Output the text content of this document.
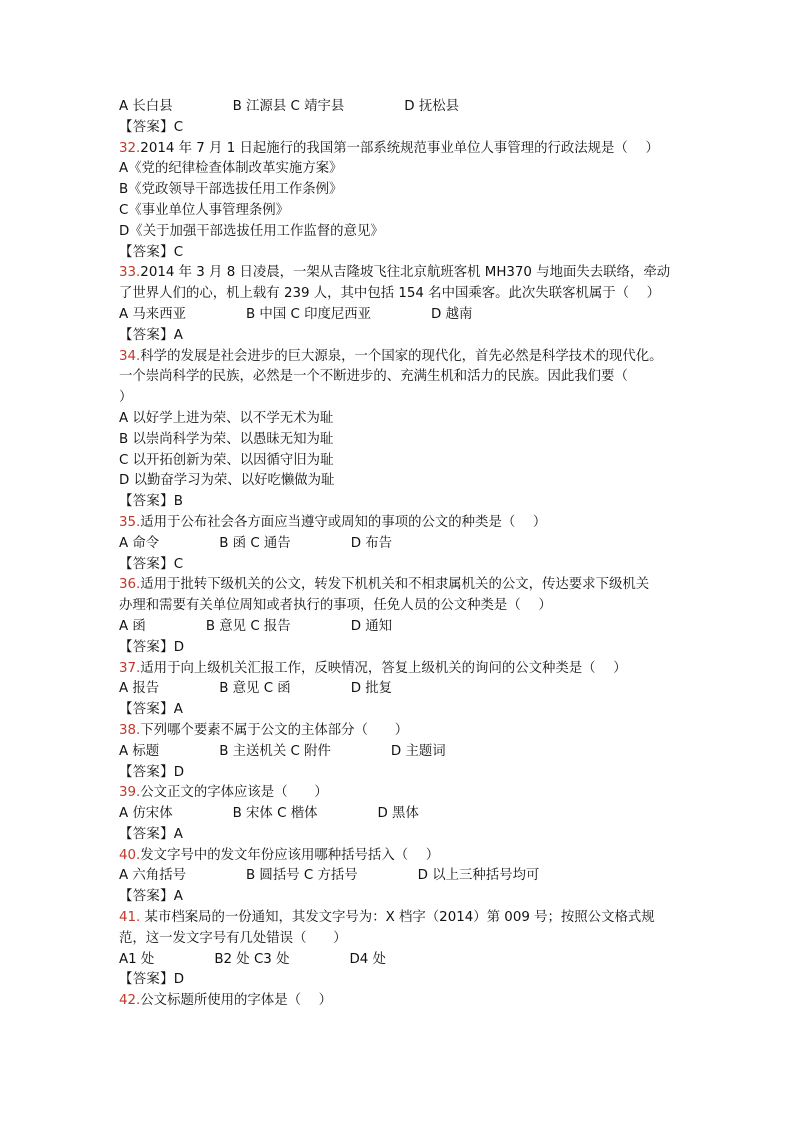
A 长白县	B 江源县 C 靖宇县	D 抚松县
【答案】C
32.2014 年 7 月 1 日起施行的我国第一部系统规范事业单位人事管理的行政法规是（　 ）
A《党的纪律检查体制改革实施方案》
B《党政领导干部选拔任用工作条例》
C《事业单位人事管理条例》
D《关于加强干部选拔任用工作监督的意见》
【答案】C
33.2014 年 3 月 8 日凌晨，一架从吉隆坡飞往北京航班客机 MH370 与地面失去联络，牵动
了世界人们的心，机上载有 239 人，其中包括 154 名中国乘客。此次失联客机属于（　 ）
A 马来西亚	B 中国 C 印度尼西亚	D 越南
【答案】A
34.科学的发展是社会进步的巨大源泉，一个国家的现代化，首先必然是科学技术的现代化。
一个崇尚科学的民族，必然是一个不断进步的、充满生机和活力的民族。因此我们要（
）
A 以好学上进为荣、以不学无术为耻
B 以崇尚科学为荣、以愚昧无知为耻
C 以开拓创新为荣、以因循守旧为耻
D 以勤奋学习为荣、以好吃懒做为耻
【答案】B
35.适用于公布社会各方面应当遵守或周知的事项的公文的种类是（　 ）
A 命令	B 函 C 通告	D 布告
【答案】C
36.适用于批转下级机关的公文，转发下机机关和不相隶属机关的公文，传达要求下级机关
办理和需要有关单位周知或者执行的事项，任免人员的公文种类是（　 ）
A 函	B 意见 C 报告	D 通知
【答案】D
37.适用于向上级机关汇报工作，反映情况，答复上级机关的询问的公文种类是（　 ）
A 报告	B 意见 C 函	D 批复
【答案】A
38.下列哪个要素不属于公文的主体部分（　　）
A 标题	B 主送机关 C 附件	D 主题词
【答案】D
39.公文正文的字体应该是（　　）
A 仿宋体	B 宋体 C 楷体	D 黑体
【答案】A
40.发文字号中的发文年份应该用哪种括号括入（　 ）
A 六角括号	B 圆括号 C 方括号	D 以上三种括号均可
【答案】A
41. 某市档案局的一份通知，其发文字号为：X 档字（2014）第 009 号；按照公文格式规
范，这一发文字号有几处错误（　　）
A1 处	B2 处 C3 处	D4 处
【答案】D
42.公文标题所使用的字体是（　 ）
